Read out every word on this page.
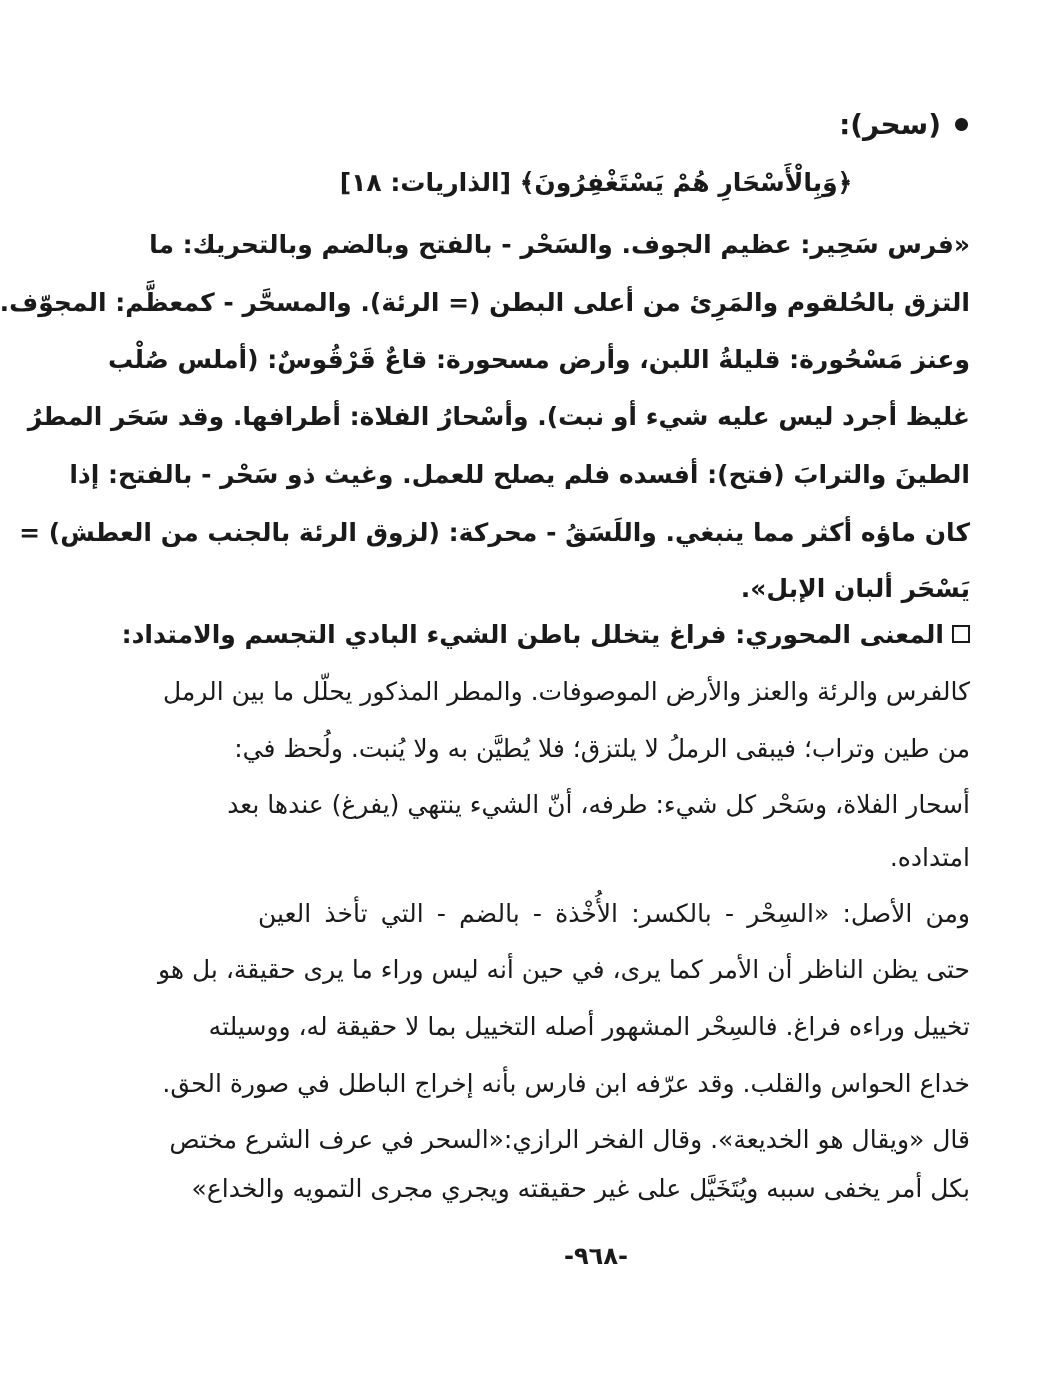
(سحر):
﴿وَبِالْأَسْحَارِ هُمْ يَسْتَغْفِرُونَ﴾ [الذاريات: ١٨]
«فرس سَحِير: عظيم الجوف. والسَحْر - بالفتح وبالضم وبالتحريك: ما
التزق بالحُلقوم والمَرِئ من أعلى البطن (= الرئة). والمسحَّر - كمعظَّم: المجوّف.
وعنز مَسْحُورة: قليلةُ اللبن، وأرض مسحورة: قاعٌ قَرْقُوسٌ: (أملس صُلْب
غليظ أجرد ليس عليه شيء أو نبت). وأسْحارُ الفلاة: أطرافها. وقد سَحَر المطرُ
الطينَ والترابَ (فتح): أفسده فلم يصلح للعمل. وغيث ذو سَحْر - بالفتح: إذا
كان ماؤه أكثر مما ينبغي. واللَسَقُ - محركة: (لزوق الرئة بالجنب من العطش) =
يَسْحَر ألبان الإبل».
المعنى المحوري: فراغ يتخلل باطن الشيء البادي التجسم والامتداد:
كالفرس والرئة والعنز والأرض الموصوفات. والمطر المذكور يحلّل ما بين الرمل
من طين وتراب؛ فيبقى الرملُ لا يلتزق؛ فلا يُطيَّن به ولا يُنبت. ولُحظ في:
أسحار الفلاة، وسَحْر كل شيء: طرفه، أنّ الشيء ينتهي (يفرغ) عندها بعد
امتداده.
ومن الأصل: «السِحْر - بالكسر: الأُخْذة - بالضم - التي تأخذ العين
حتى يظن الناظر أن الأمر كما يرى، في حين أنه ليس وراء ما يرى حقيقة، بل هو
تخييل وراءه فراغ. فالسِحْر المشهور أصله التخييل بما لا حقيقة له، ووسيلته
خداع الحواس والقلب. وقد عرّفه ابن فارس بأنه إخراج الباطل في صورة الحق.
قال «ويقال هو الخديعة». وقال الفخر الرازي:«السحر في عرف الشرع مختص
بكل أمر يخفى سببه ويُتَخَيَّل على غير حقيقته ويجري مجرى التمويه والخداع»
-٩٦٨-
